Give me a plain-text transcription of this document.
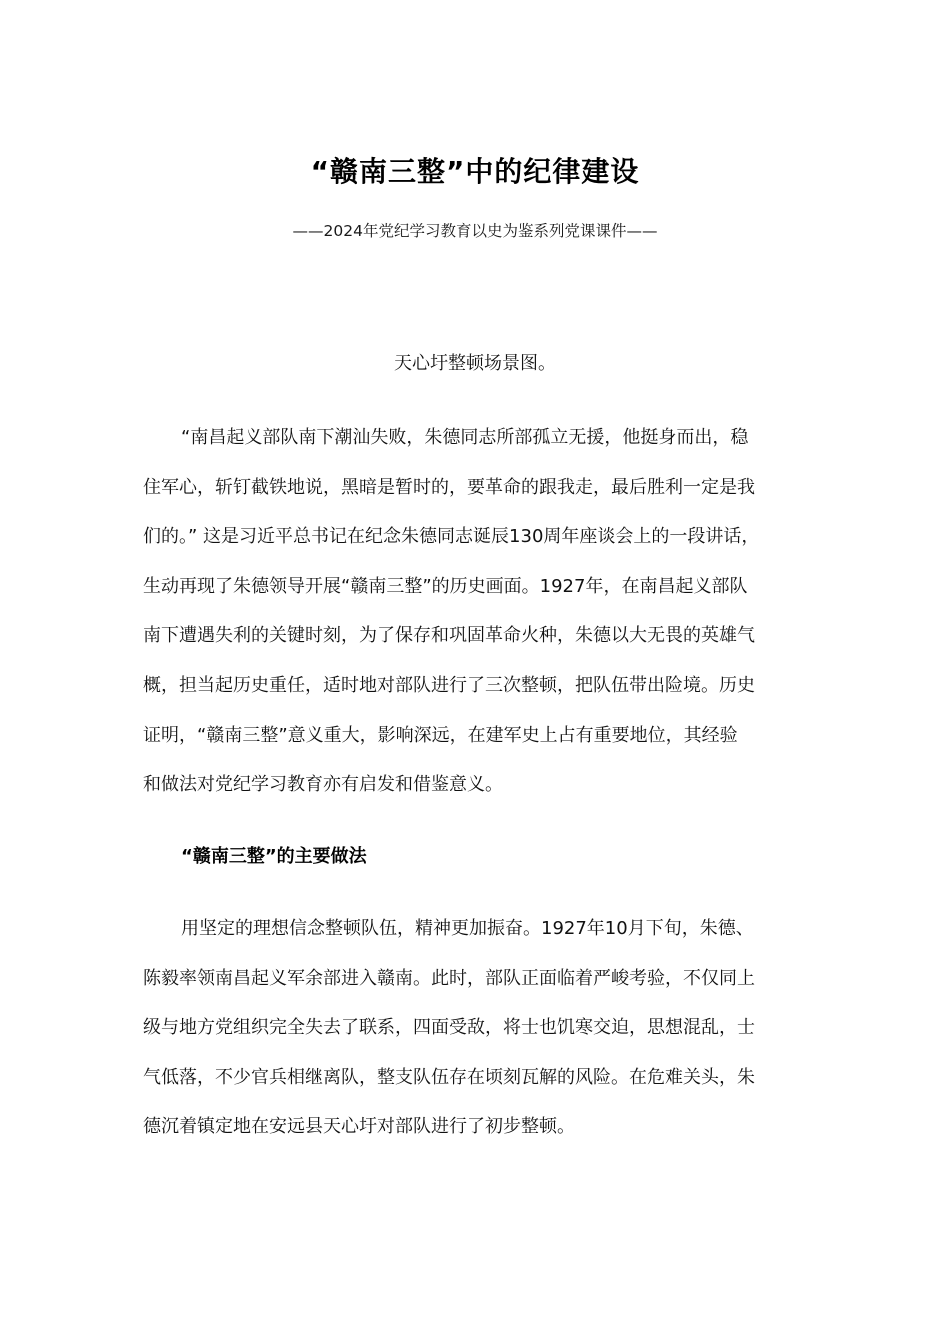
“赣南三整”中的纪律建设
——2024年党纪学习教育以史为鉴系列党课课件——
天心圩整顿场景图。
“南昌起义部队南下潮汕失败，朱德同志所部孤立无援，他挺身而出，稳
住军心，斩钉截铁地说，黑暗是暂时的，要革命的跟我走，最后胜利一定是我
们的。” 这是习近平总书记在纪念朱德同志诞辰130周年座谈会上的一段讲话，
生动再现了朱德领导开展“赣南三整”的历史画面。1927年，在南昌起义部队
南下遭遇失利的关键时刻，为了保存和巩固革命火种，朱德以大无畏的英雄气
概，担当起历史重任，适时地对部队进行了三次整顿，把队伍带出险境。历史
证明，“赣南三整”意义重大，影响深远，在建军史上占有重要地位，其经验
和做法对党纪学习教育亦有启发和借鉴意义。
“赣南三整”的主要做法
用坚定的理想信念整顿队伍，精神更加振奋。1927年10月下旬，朱德、
陈毅率领南昌起义军余部进入赣南。此时，部队正面临着严峻考验，不仅同上
级与地方党组织完全失去了联系，四面受敌，将士也饥寒交迫，思想混乱，士
气低落，不少官兵相继离队，整支队伍存在顷刻瓦解的风险。在危难关头，朱
德沉着镇定地在安远县天心圩对部队进行了初步整顿。
